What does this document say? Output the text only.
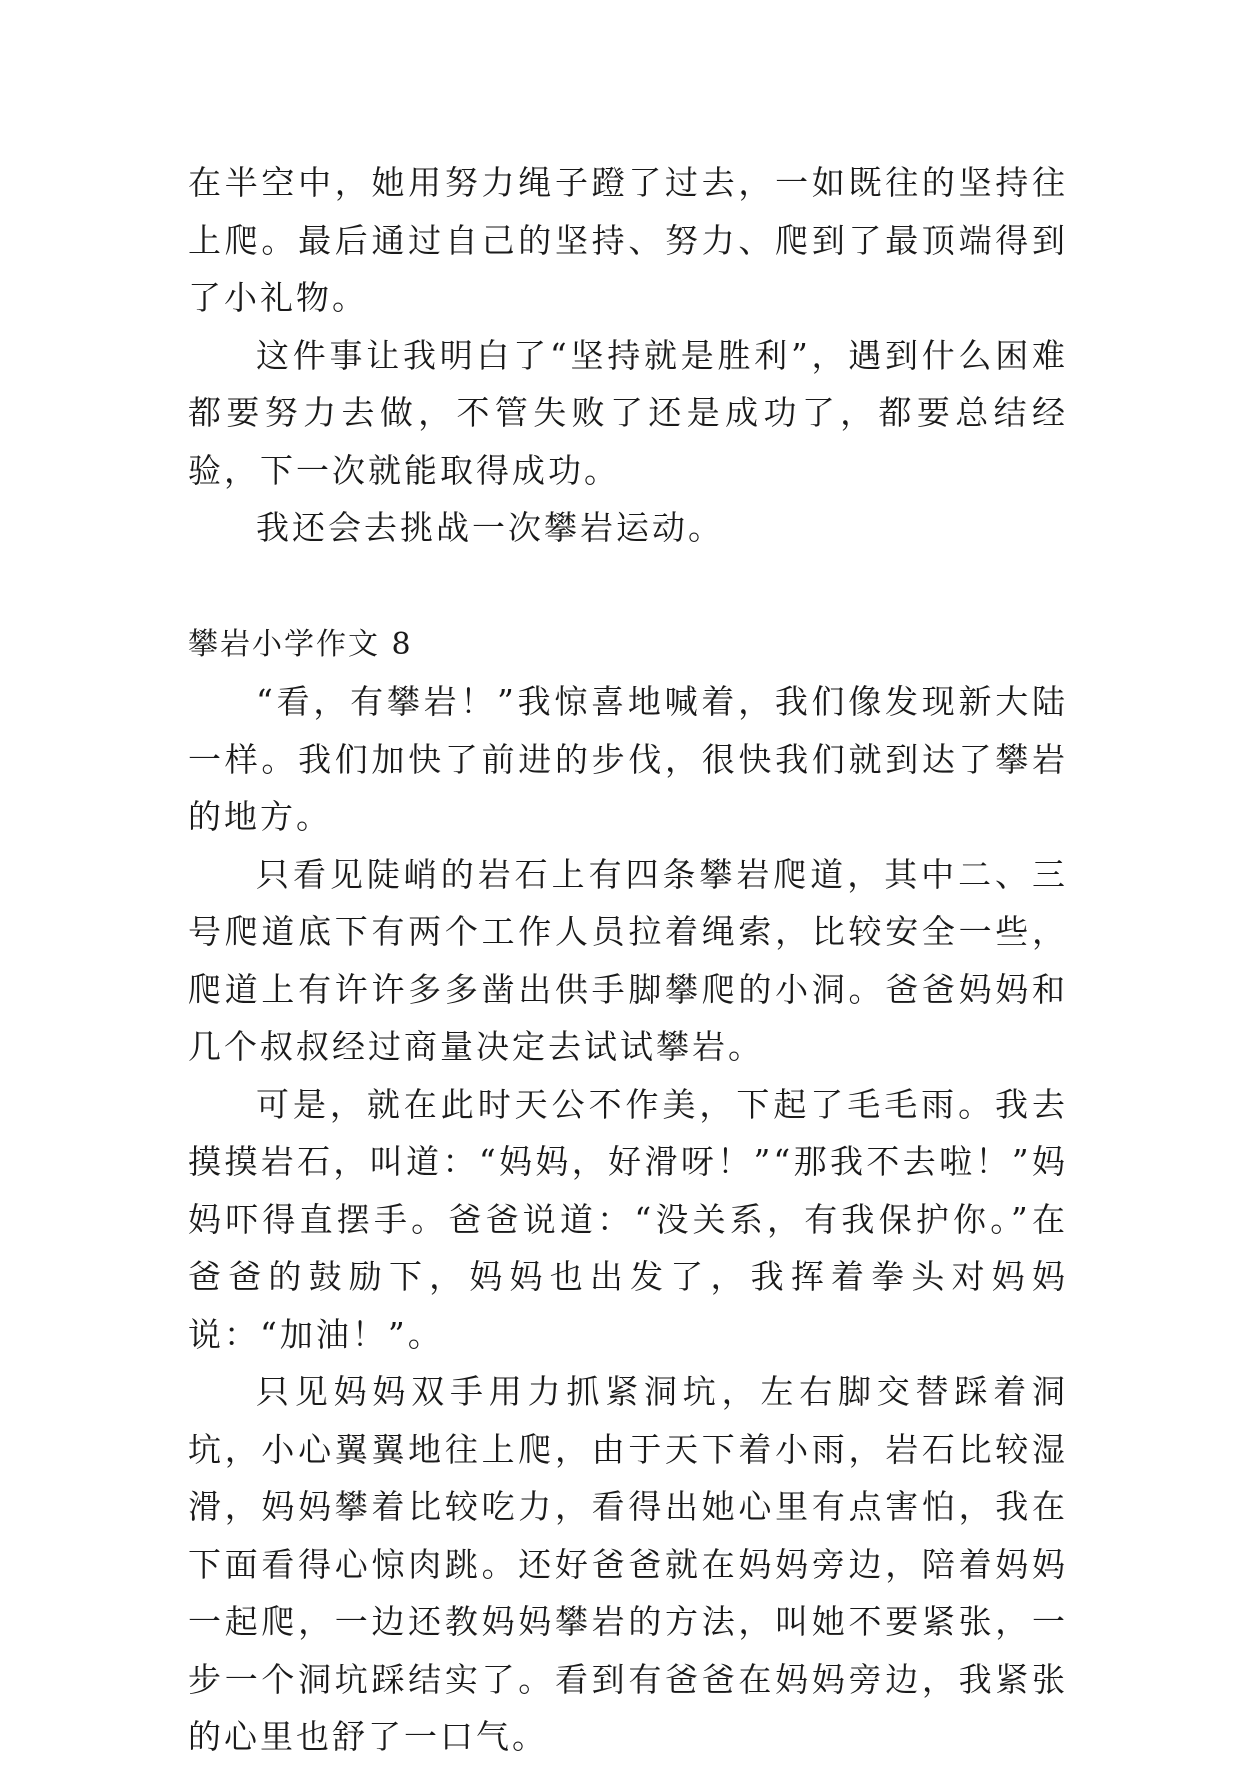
在半空中，她用努力绳子蹬了过去，一如既往的坚持往上爬。最后通过自己的坚持、努力、爬到了最顶端得到了小礼物。

这件事让我明白了“坚持就是胜利”，遇到什么困难都要努力去做，不管失败了还是成功了，都要总结经验，下一次就能取得成功。

我还会去挑战一次攀岩运动。

攀岩小学作文 8

“看，有攀岩！”我惊喜地喊着，我们像发现新大陆一样。我们加快了前进的步伐，很快我们就到达了攀岩的地方。

只看见陡峭的岩石上有四条攀岩爬道，其中二、三号爬道底下有两个工作人员拉着绳索，比较安全一些，爬道上有许许多多凿出供手脚攀爬的小洞。爸爸妈妈和几个叔叔经过商量决定去试试攀岩。

可是，就在此时天公不作美，下起了毛毛雨。我去摸摸岩石，叫道：“妈妈，好滑呀！”“那我不去啦！”妈妈吓得直摆手。爸爸说道：“没关系，有我保护你。”在爸爸的鼓励下，妈妈也出发了，我挥着拳头对妈妈说：“加油！”。

只见妈妈双手用力抓紧洞坑，左右脚交替踩着洞坑，小心翼翼地往上爬，由于天下着小雨，岩石比较湿滑，妈妈攀着比较吃力，看得出她心里有点害怕，我在下面看得心惊肉跳。还好爸爸就在妈妈旁边，陪着妈妈一起爬，一边还教妈妈攀岩的方法，叫她不要紧张，一步一个洞坑踩结实了。看到有爸爸在妈妈旁边，我紧张的心里也舒了一口气。
